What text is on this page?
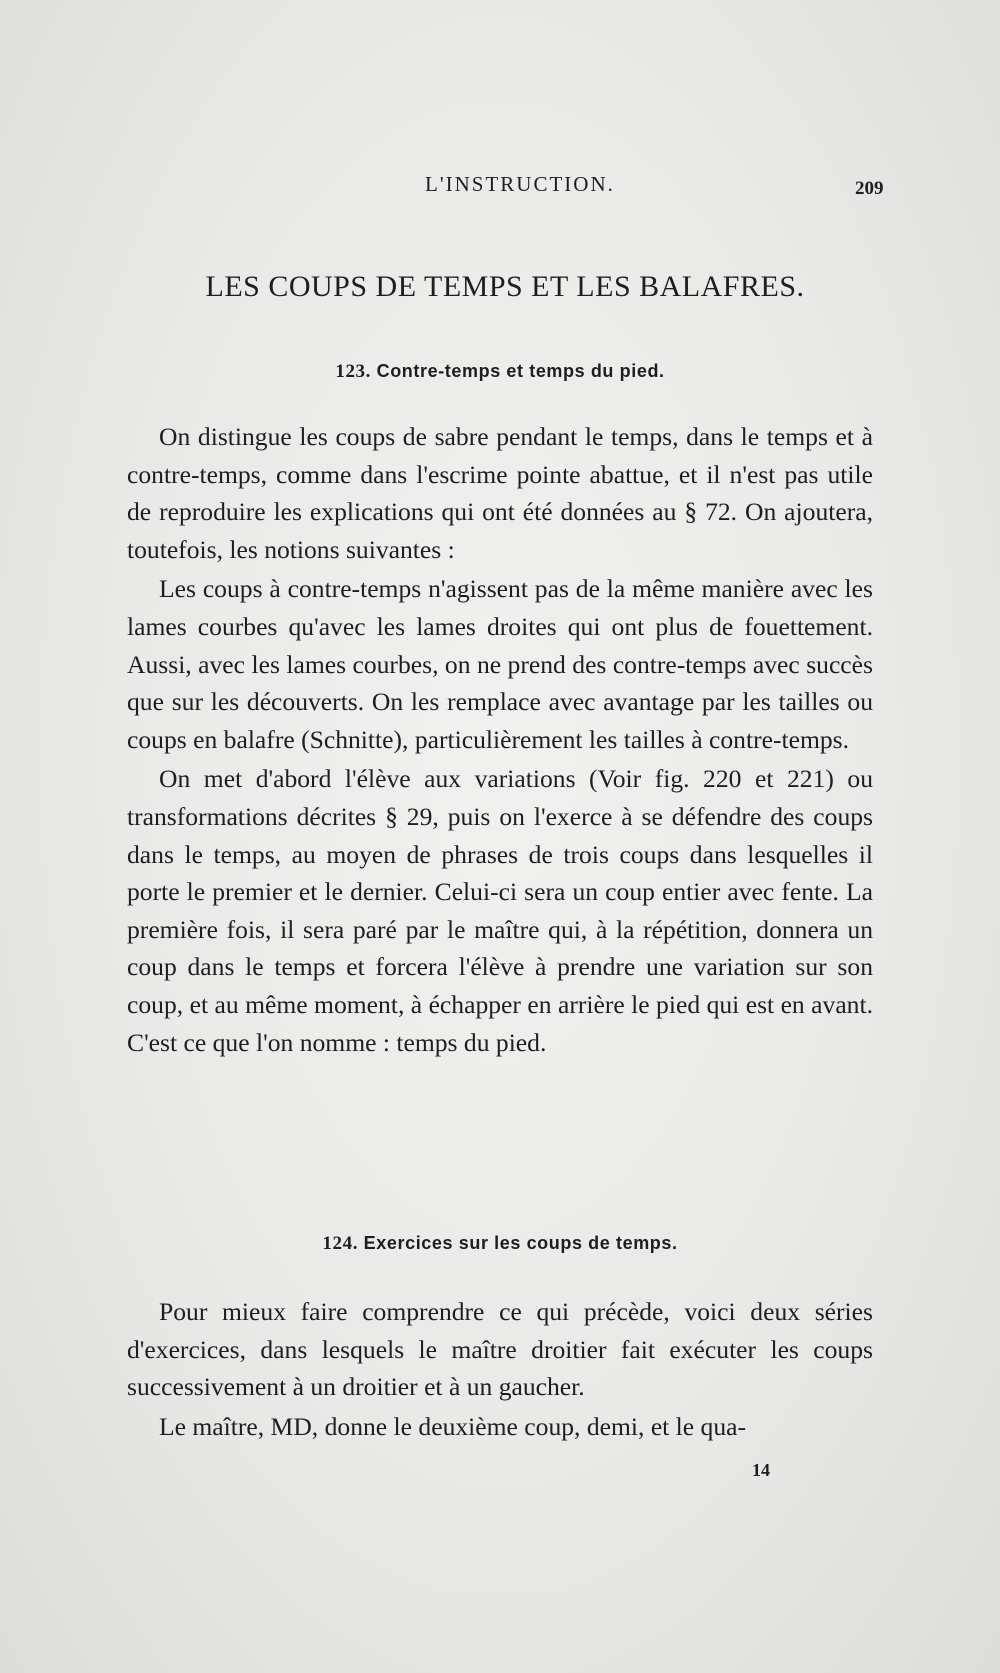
L'INSTRUCTION.	209
LES COUPS DE TEMPS ET LES BALAFRES.
123. Contre-temps et temps du pied.

On distingue les coups de sabre pendant le temps, dans le temps et à contre-temps, comme dans l'escrime pointe abattue, et il n'est pas utile de reproduire les explications qui ont été données au § 72. On ajoutera, toutefois, les notions suivantes :

Les coups à contre-temps n'agissent pas de la même manière avec les lames courbes qu'avec les lames droites qui ont plus de fouettement. Aussi, avec les lames courbes, on ne prend des contre-temps avec succès que sur les découverts. On les remplace avec avantage par les tailles ou coups en balafre (Schnitte), particulièrement les tailles à contre-temps.

On met d'abord l'élève aux variations (Voir fig. 220 et 221) ou transformations décrites § 29, puis on l'exerce à se défendre des coups dans le temps, au moyen de phrases de trois coups dans lesquelles il porte le premier et le dernier. Celui-ci sera un coup entier avec fente. La première fois, il sera paré par le maître qui, à la répétition, donnera un coup dans le temps et forcera l'élève à prendre une variation sur son coup, et au même moment, à échapper en arrière le pied qui est en avant. C'est ce que l'on nomme : temps du pied.

124. Exercices sur les coups de temps.

Pour mieux faire comprendre ce qui précède, voici deux séries d'exercices, dans lesquels le maître droitier fait exécuter les coups successivement à un droitier et à un gaucher.

Le maître, MD, donne le deuxième coup, demi, et le qua-

14
